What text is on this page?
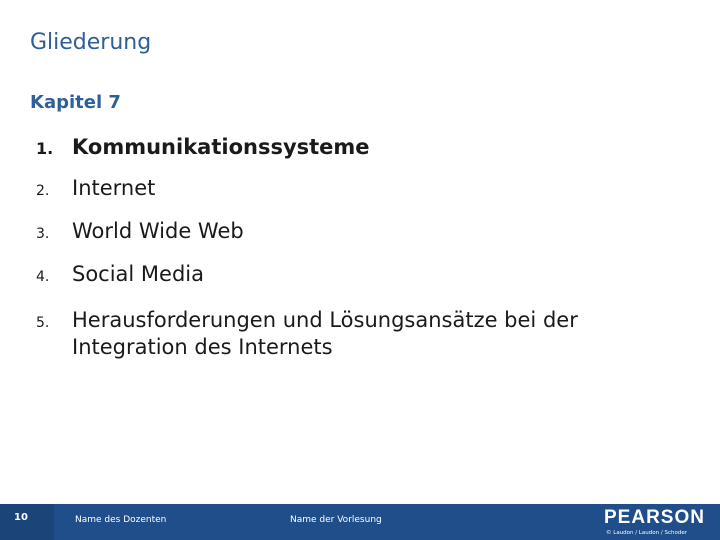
Gliederung
Kapitel 7
1. Kommunikationssysteme
2.	Internet
3.	World Wide Web
4.	Social Media
5.	Herausforderungen und Lösungsansätze bei der Integration des Internets
10	Name des Dozenten	Name der Vorlesung	PEARSON
© Laudon / Laudon / Schoder
